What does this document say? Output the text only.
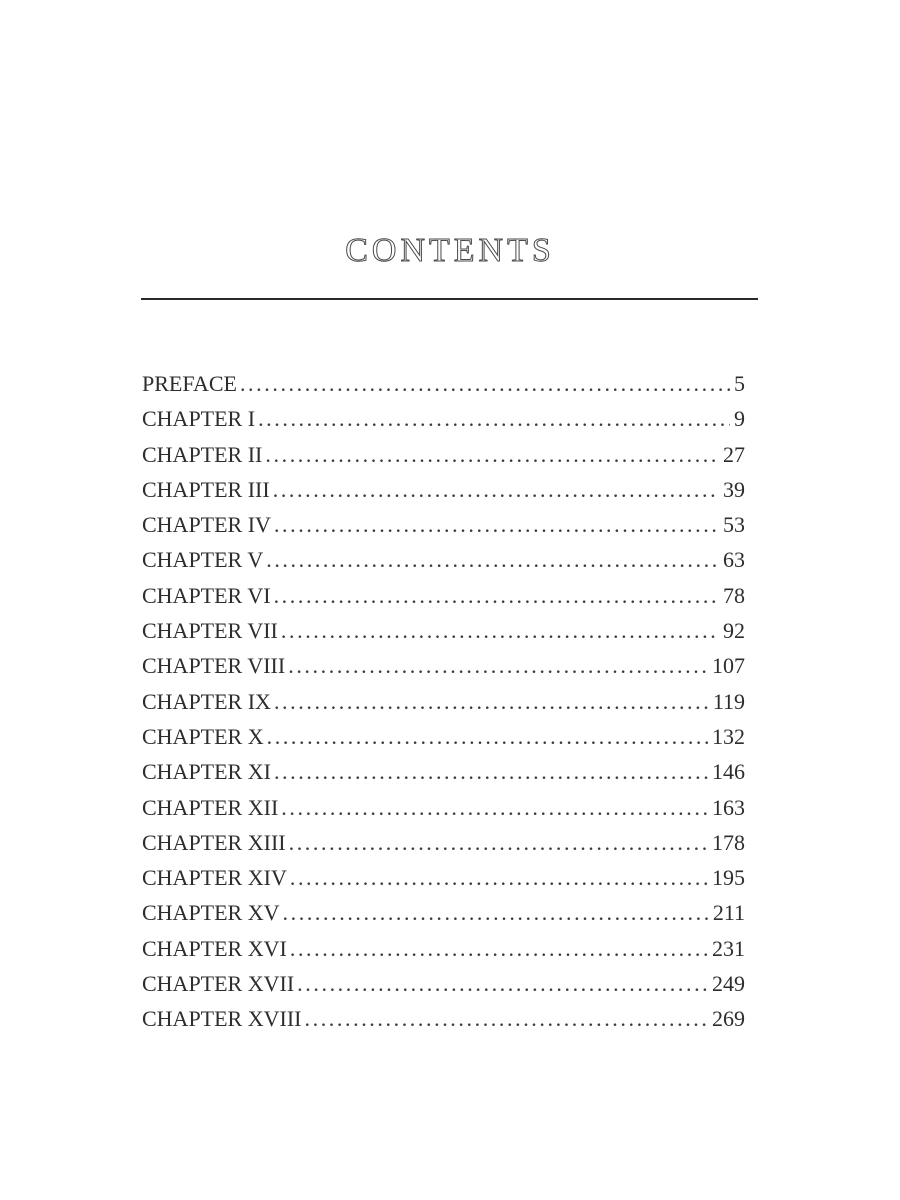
CONTENTS
PREFACE .....	5
CHAPTER I .....	9
CHAPTER II .....	27
CHAPTER III .....	39
CHAPTER IV .....	53
CHAPTER V .....	63
CHAPTER VI .....	78
CHAPTER VII .....	92
CHAPTER VIII .....	107
CHAPTER IX .....	119
CHAPTER X .....	132
CHAPTER XI .....	146
CHAPTER XII .....	163
CHAPTER XIII .....	178
CHAPTER XIV .....	195
CHAPTER XV .....	211
CHAPTER XVI .....	231
CHAPTER XVII .....	249
CHAPTER XVIII .....	269
